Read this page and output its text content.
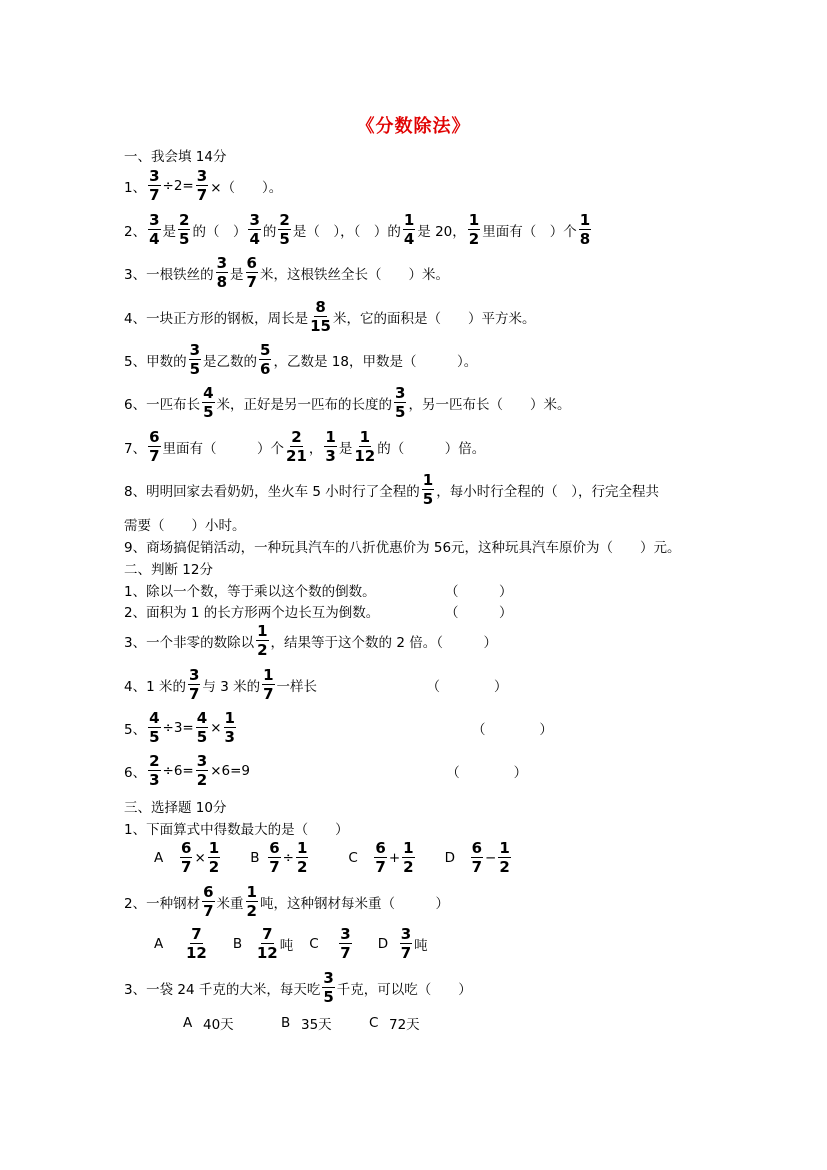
《分数除法》
一、我会填 14分
1、 $\frac{3}{7} \div 2= \frac{3}{7}$ ×（　　）。
2、 $\frac{3}{4}$ 是 $\frac{2}{5}$ 的（　） $\frac{3}{4}$ 的 $\frac{2}{5}$ 是（　），（　）的 $\frac{1}{4}$ 是 20， $\frac{1}{2}$ 里面有（　）个 $\frac{1}{8}$
3、一根铁丝的 $\frac{3}{8}$ 是 $\frac{6}{7}$ 米，这根铁丝全长（　　）米。
4、一块正方形的钢板，周长是 $\frac{8}{15}$ 米，它的面积是（　　）平方米。
5、甲数的 $\frac{3}{5}$ 是乙数的 $\frac{5}{6}$ ，乙数是 18，甲数是（　　　）。
6、一匹布长 $\frac{4}{5}$ 米，正好是另一匹布的长度的 $\frac{3}{5}$ ，另一匹布长（　　）米。
7、 $\frac{6}{7}$ 里面有（　　　）个 $\frac{2}{21}$ ， $\frac{1}{3}$ 是 $\frac{1}{12}$ 的（　　　）倍。
8、明明回家去看奶奶，坐火车 5 小时行了全程的 $\frac{1}{5}$ ，每小时行全程的（　），行完全程共
需要（　　）小时。
9、商场搞促销活动，一种玩具汽车的八折优惠价为 56元，这种玩具汽车原价为（　　）元。
二、判断 12分
1、除以一个数，等于乘以这个数的倒数。	（　　　）
2、面积为 1 的长方形两个边长互为倒数。	（　　　）
3、一个非零的数除以 $\frac{1}{2}$ ，结果等于这个数的 2 倍。（　　　）
4、1 米的 $\frac{3}{7}$ 与 3 米的 $\frac{1}{7}$ 一样长	（　　　　）
5、 $\frac{4}{5} \div 3= \frac{4}{5} \times \frac{1}{3}$	（　　　　）
6、 $\frac{2}{3} \div 6= \frac{3}{2} \times 6=9$	（　　　　）
三、选择题 10分
1、下面算式中得数最大的是（　　）
A	$\frac{6}{7} \times \frac{1}{2}$ B $\frac{6}{7} \div \frac{1}{2}$	C	$\frac{6}{7} + \frac{1}{2}$ D	$\frac{6}{7} - \frac{1}{2}$
2、一种钢材 $\frac{6}{7}$ 米重 $\frac{1}{2}$ 吨，这种钢材每米重（　　　）
A	$\frac{7}{12}$ B $\frac{7}{12}$ 吨 C	$\frac{3}{7}$ D $\frac{3}{7}$ 吨
3、一袋 24 千克的大米，每天吃 $\frac{3}{5}$ 千克，可以吃（　　）
A 40天	B 35天	C 72天
